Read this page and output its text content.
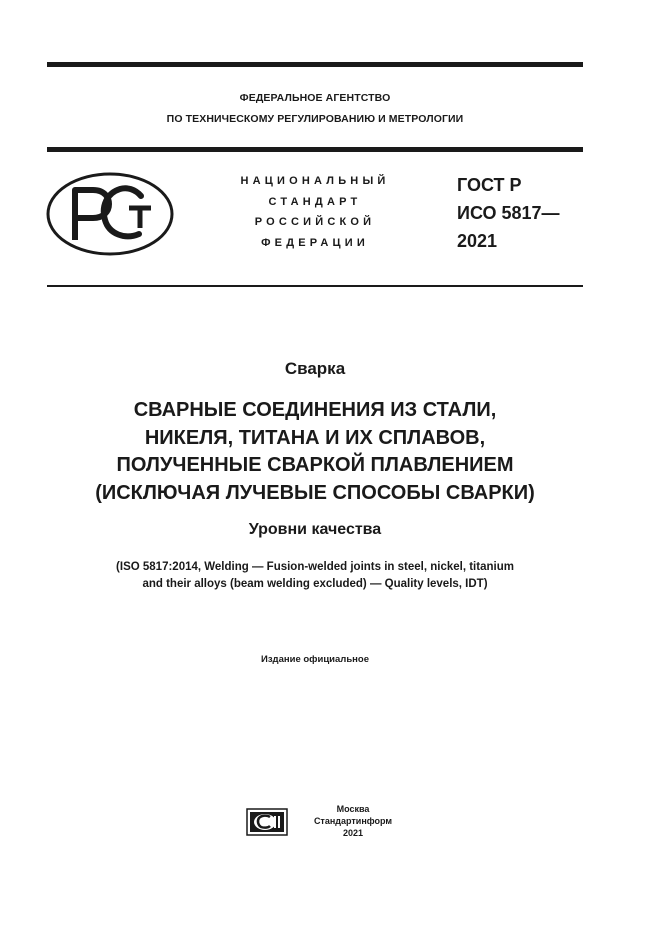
ФЕДЕРАЛЬНОЕ АГЕНТСТВО
ПО ТЕХНИЧЕСКОМУ РЕГУЛИРОВАНИЮ И МЕТРОЛОГИИ
НАЦИОНАЛЬНЫЙ
СТАНДАРТ
РОССИЙСКОЙ
ФЕДЕРАЦИИ
ГОСТ Р
ИСО 5817—
2021
Сварка
СВАРНЫЕ СОЕДИНЕНИЯ ИЗ СТАЛИ,
НИКЕЛЯ, ТИТАНА И ИХ СПЛАВОВ,
ПОЛУЧЕННЫЕ СВАРКОЙ ПЛАВЛЕНИЕМ
(ИСКЛЮЧАЯ ЛУЧЕВЫЕ СПОСОБЫ СВАРКИ)
Уровни качества
(ISO 5817:2014, Welding — Fusion-welded joints in steel, nickel, titanium
and their alloys (beam welding excluded) — Quality levels, IDT)
Издание официальное
Москва
Стандартинформ
2021
